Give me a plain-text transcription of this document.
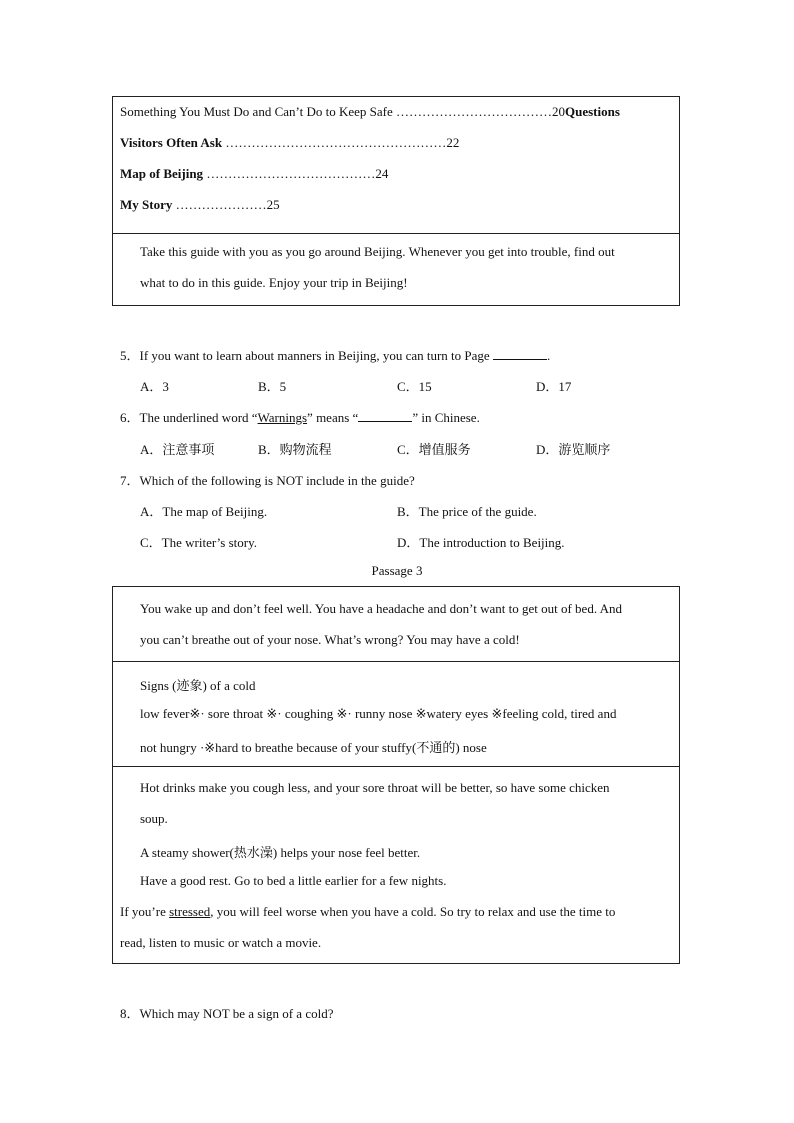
Something You Must Do and Can’t Do to Keep Safe ………………………………20Questions
Visitors Often Ask ……………………………………………22
Map of Beijing …………………………………24
My Story …………………25
Take this guide with you as you go around Beijing. Whenever you get into trouble, find out
what to do in this guide. Enjoy your trip in Beijing!
5．If you want to learn about manners in Beijing, you can turn to Page	.
A．3	B．5	C．15	D．17
6．The underlined word “Warnings” means “	” in Chinese.
A．注意事项	B．购物流程	C．增值服务	D．游览顺序
7．Which of the following is NOT include in the guide?
A．The map of Beijing.	B．The price of the guide.
C．The writer’s story.	D．The introduction to Beijing.
Passage 3
You wake up and don’t feel well. You have a headache and don’t want to get out of bed. And
you can’t breathe out of your nose. What’s wrong? You may have a cold!
Signs (迹象) of a cold
low fever※· sore throat ※· coughing ※· runny nose ※watery eyes ※feeling cold, tired and
not hungry ·※hard to breathe because of your stuffy(不通的) nose
Hot drinks make you cough less, and your sore throat will be better, so have some chicken
soup.
A steamy shower(热水澡) helps your nose feel better.
Have a good rest. Go to bed a little earlier for a few nights.
If you’re stressed, you will feel worse when you have a cold. So try to relax and use the time to
read, listen to music or watch a movie.
8．Which may NOT be a sign of a cold?
